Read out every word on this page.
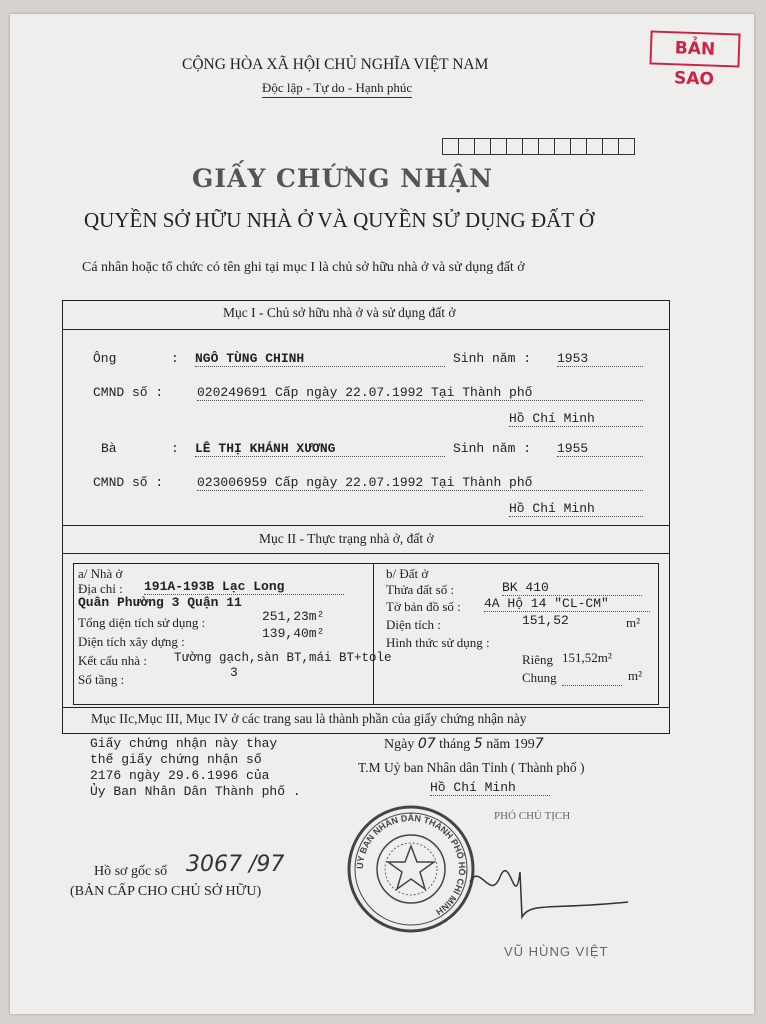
BẢN SAO
CỘNG HÒA XÃ HỘI CHỦ NGHĨA VIỆT NAM
Độc lập - Tự do - Hạnh phúc
GIẤY CHỨNG NHẬN
QUYỀN SỞ HỮU NHÀ Ở VÀ QUYỀN SỬ DỤNG ĐẤT Ở
Cá nhân hoặc tổ chức có tên ghi tại mục I là chủ sở hữu nhà ở và sử dụng đất ở
Mục I - Chủ sở hữu nhà ở và sử dụng đất ở
Ông	: NGÔ TÙNG CHINH	Sinh năm : 1953
CMND số :	020249691 Cấp ngày 22.07.1992 Tại Thành phố
Hồ Chí Minh
Bà	: LÊ THỊ KHÁNH XƯƠNG	Sinh năm : 1955
CMND số :	023006959 Cấp ngày 22.07.1992 Tại Thành phố
Hồ Chí Minh
Mục II - Thực trạng nhà ở, đất ở
a/ Nhà ở
Địa chỉ : 191A-193B Lạc Long
Quân Phường 3 Quận 11
Tổng diện tích sử dụng :	251,23m²
Diện tích xây dựng :
139,40m²
Kết cấu nhà : Tường gạch,sàn BT,mái BT+tole
Số tầng :	3
b/ Đất ở
Thửa đất số :	BK 410
Tờ bản đồ số : 4A Hộ 14 "CL-CM"
Diện tích :	151,52	m²
Hình thức sử dụng :
Riêng 151,52m²
Chung	m²
Mục IIc,Mục III, Mục IV ở các trang sau là thành phần của giấy chứng nhận này
Giấy chứng nhận này thay
thế giấy chứng nhận số
2176 ngày 29.6.1996 của
Ủy Ban Nhân Dân Thành phố .
Ngày 07 tháng 5 năm 1997
T.M Uỷ ban Nhân dân Tỉnh ( Thành phố )
Hồ Chí Minh
PHÓ CHỦ TỊCH
ỦY BAN NHÂN DÂN THÀNH PHỐ HỒ CHÍ MINH
VŨ HÙNG VIỆT
Hồ sơ gốc số 3067 /97
(BẢN CẤP CHO CHỦ SỞ HỮU)
